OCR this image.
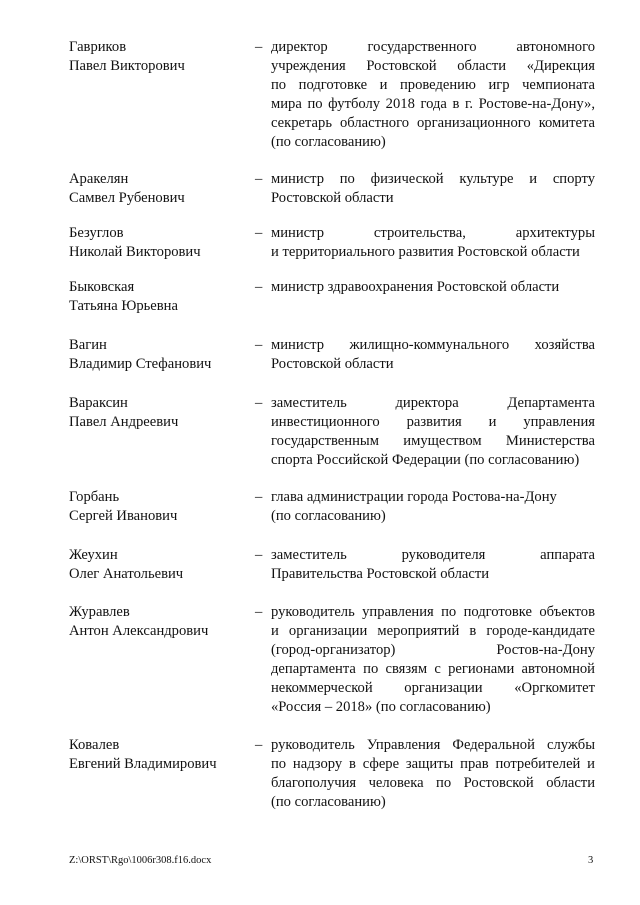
Гавриков
Павел Викторович
– директор государственного автономного
учреждения Ростовской области «Дирекция
по подготовке и проведению игр чемпионата
мира по футболу 2018 года в г. Ростове-на-Дону»,
секретарь областного организационного комитета
(по согласованию)
Аракелян
Самвел Рубенович
– министр по физической культуре и спорту
Ростовской области
Безуглов
Николай Викторович
– министр строительства, архитектуры
и территориального развития Ростовской области
Быковская
Татьяна Юрьевна
– министр здравоохранения Ростовской области
Вагин
Владимир Стефанович
– министр жилищно-коммунального хозяйства
Ростовской области
Вараксин
Павел Андреевич
– заместитель директора Департамента
инвестиционного развития и управления
государственным имуществом Министерства
спорта Российской Федерации (по согласованию)
Горбань
Сергей Иванович
– глава администрации города Ростова-на-Дону
(по согласованию)
Жеухин
Олег Анатольевич
– заместитель руководителя аппарата
Правительства Ростовской области
Журавлев
Антон Александрович
– руководитель управления по подготовке объектов
и организации мероприятий в городе-кандидате
(город-организатор) Ростов-на-Дону
департамента по связям с регионами автономной
некоммерческой организации «Оргкомитет
«Россия – 2018» (по согласованию)
Ковалев
Евгений Владимирович
– руководитель Управления Федеральной службы
по надзору в сфере защиты прав потребителей и
благополучия человека по Ростовской области
(по согласованию)
Z:\ORST\Rgo\1006r308.f16.docx	3
